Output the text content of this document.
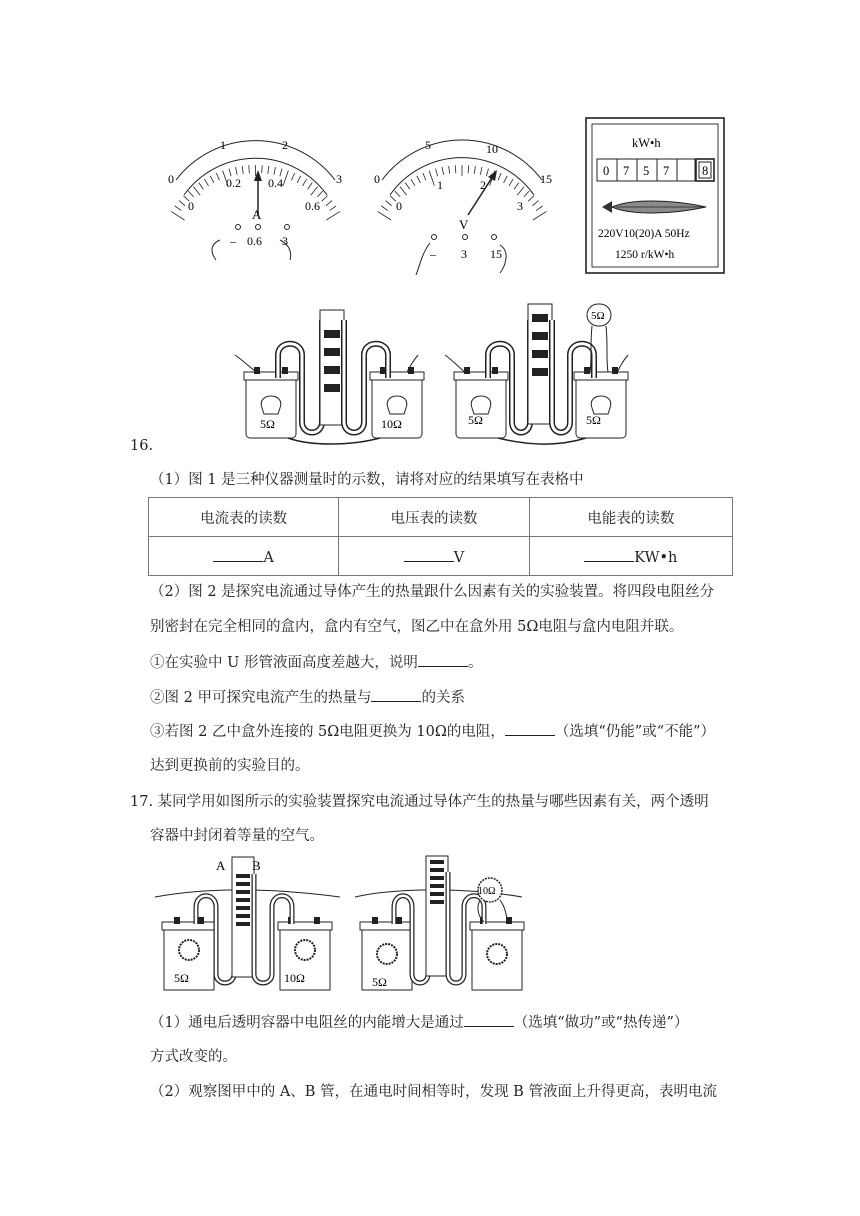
0
1	2
3
0
0.2 0.4
0.6
A
– 0.6 3
0
5	10
15
0
1	2
3
V
– 3 15
kW•h
0 7 5 7	8
220V10(20)A 50Hz
1250 r/kW•h
5Ω	10Ω	5Ω	5Ω
5Ω
16.
（1）图 1 是三种仪器测量时的示数，请将对应的结果填写在表格中
电流表的读数	电压表的读数	电能表的读数
A	V	KW•h
（2）图 2 是探究电流通过导体产生的热量跟什么因素有关的实验装置。将四段电阻丝分
别密封在完全相同的盒内，盒内有空气，图乙中在盒外用 5Ω电阻与盒内电阻并联。
①在实验中 U 形管液面高度差越大，说明	。
②图 2 甲可探究电流产生的热量与	的关系
③若图 2 乙中盒外连接的 5Ω电阻更换为 10Ω的电阻，	（选填“仍能”或“不能”）
达到更换前的实验目的。
17. 某同学用如图所示的实验装置探究电流通过导体产生的热量与哪些因素有关，两个透明
容器中封闭着等量的空气。
5Ω	10Ω
A B
5Ω
10Ω
（1）通电后透明容器中电阻丝的内能增大是通过	（选填“做功”或“热传递”）
方式改变的。
（2）观察图甲中的 A、B 管，在通电时间相等时，发现 B 管液面上升得更高，表明电流
